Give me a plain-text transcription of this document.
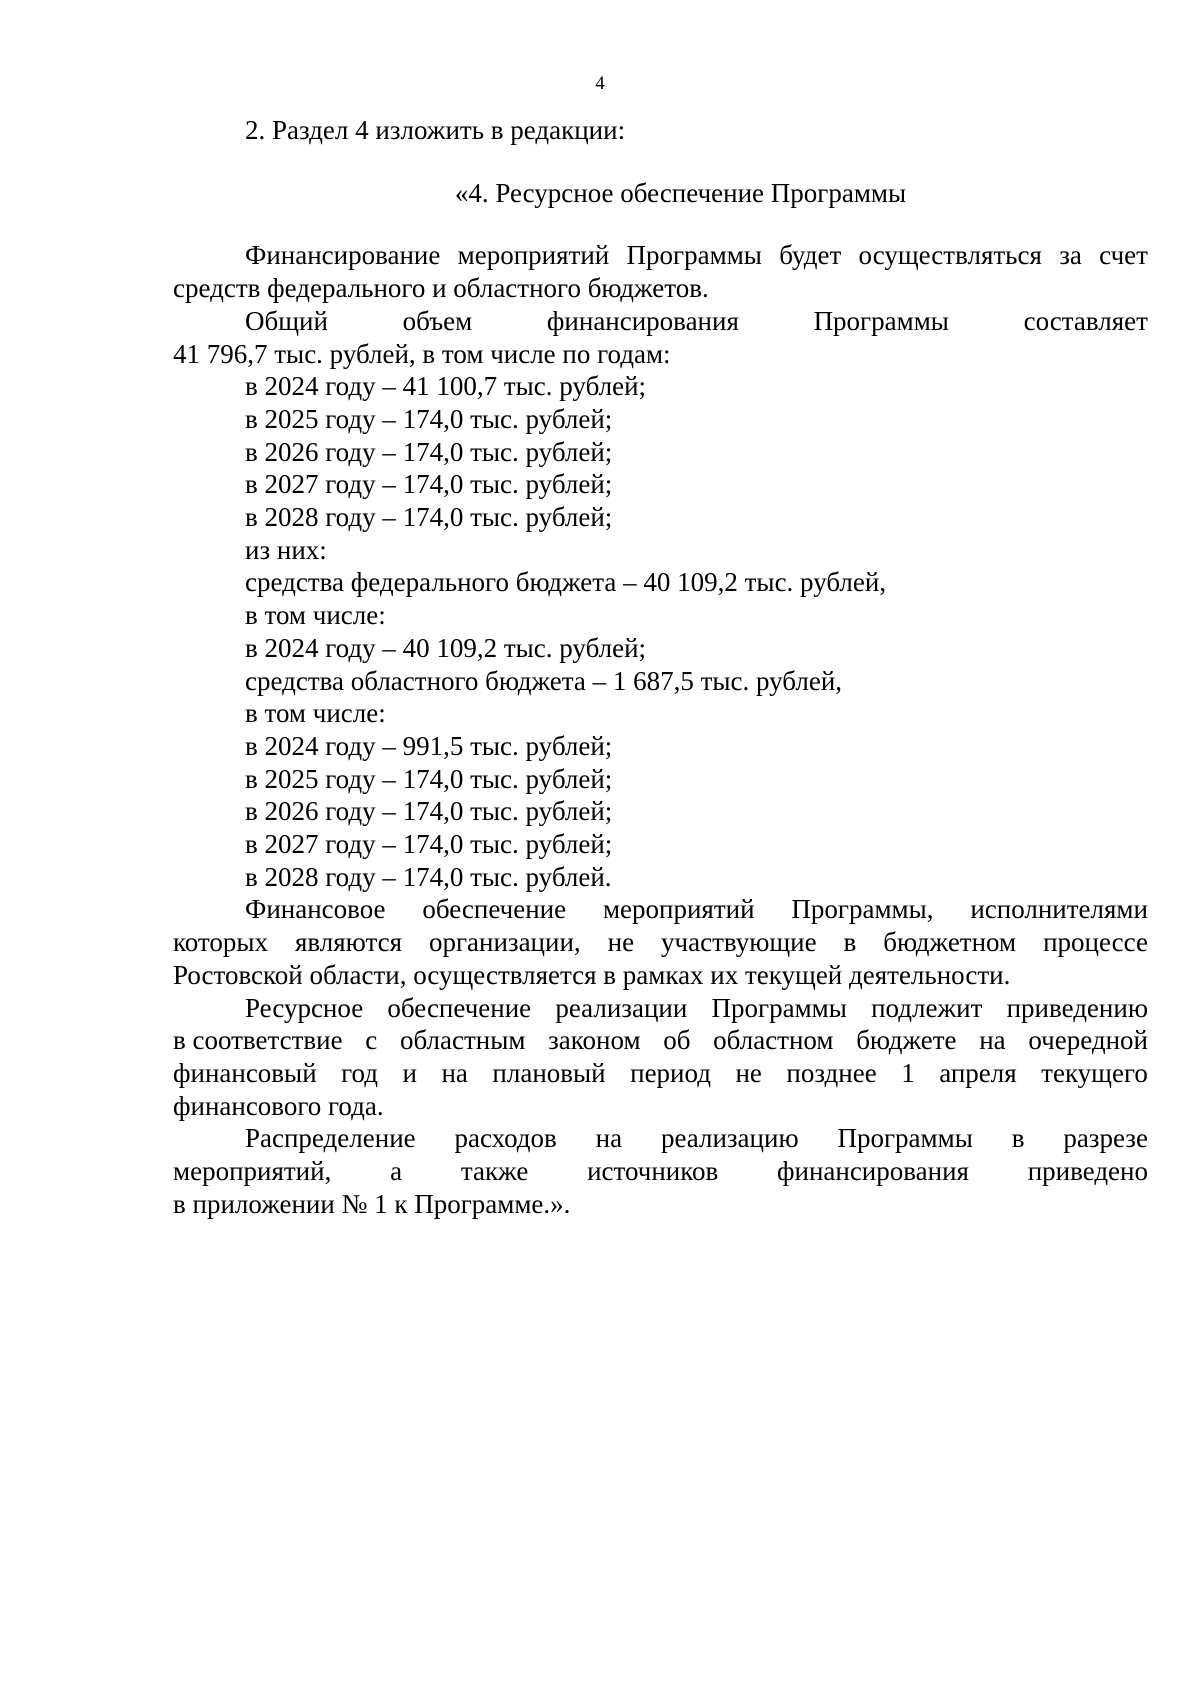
4
2. Раздел 4 изложить в редакции:
«4. Ресурсное обеспечение Программы
Финансирование мероприятий Программы будет осуществляться за счет
средств федерального и областного бюджетов.
Общий	объем	финансирования	Программы	составляет
41 796,7 тыс. рублей, в том числе по годам:
в 2024 году – 41 100,7 тыс. рублей;
в 2025 году – 174,0 тыс. рублей;
в 2026 году – 174,0 тыс. рублей;
в 2027 году – 174,0 тыс. рублей;
в 2028 году – 174,0 тыс. рублей;
из них:
средства федерального бюджета – 40 109,2 тыс. рублей,
в том числе:
в 2024 году – 40 109,2 тыс. рублей;
средства областного бюджета – 1 687,5 тыс. рублей,
в том числе:
в 2024 году – 991,5 тыс. рублей;
в 2025 году – 174,0 тыс. рублей;
в 2026 году – 174,0 тыс. рублей;
в 2027 году – 174,0 тыс. рублей;
в 2028 году – 174,0 тыс. рублей.
Финансовое обеспечение мероприятий Программы, исполнителями
которых являются организации, не участвующие в бюджетном процессе
Ростовской области, осуществляется в рамках их текущей деятельности.
Ресурсное обеспечение реализации Программы подлежит приведению
в соответствие с областным законом об областном бюджете на очередной
финансовый год и на плановый период не позднее 1 апреля текущего
финансового года.
Распределение расходов на реализацию Программы в разрезе
мероприятий, а также источников финансирования приведено
в приложении № 1 к Программе.».
